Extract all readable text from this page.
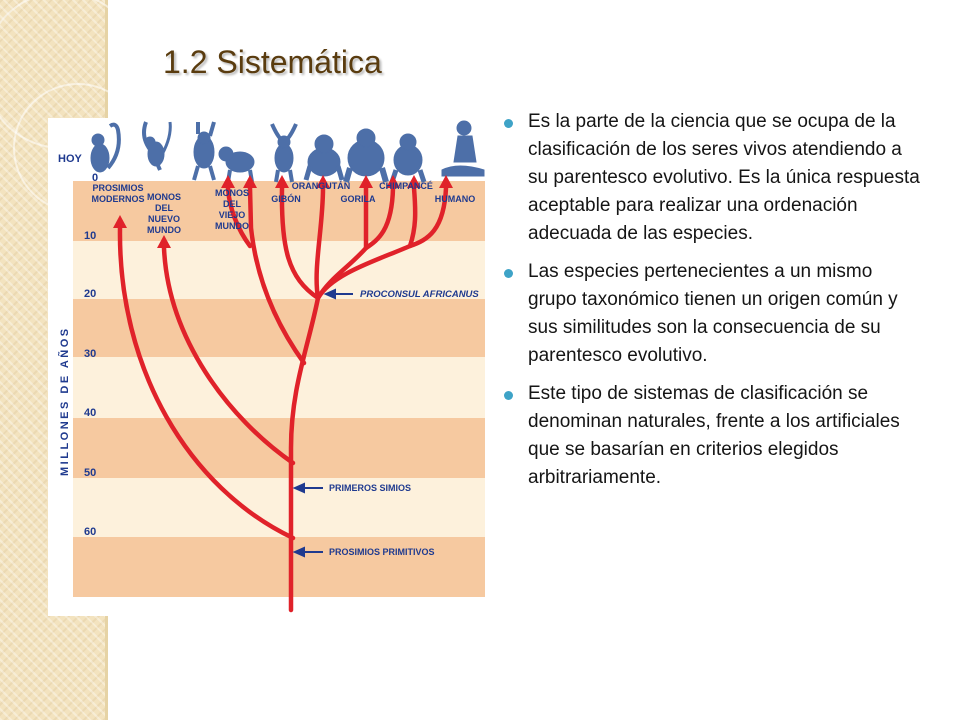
1.2 Sistemática
HOY
0
10
20
30
40
50
60
MILLONES DE AÑOS
PROSIMIOS
MODERNOS MONOS
DEL
NUEVO
MUNDO
MONOS
DEL
VIEJO
MUNDO
GIBÓN
ORANGUTÁN
GORILA
CHIMPANCÉ
HUMANO
PROCONSUL AFRICANUS
PRIMEROS SIMIOS
PROSIMIOS PRIMITIVOS
Es la parte de la ciencia que se ocupa de la clasificación de los seres vivos atendiendo a su parentesco evolutivo. Es la única respuesta aceptable para realizar una ordenación adecuada de las especies.
Las especies pertenecientes a un mismo grupo taxonómico tienen un origen común y sus similitudes son la consecuencia de su parentesco evolutivo.
Este tipo de sistemas de clasificación se denominan naturales, frente a los artificiales que se basarían en criterios elegidos arbitrariamente.
